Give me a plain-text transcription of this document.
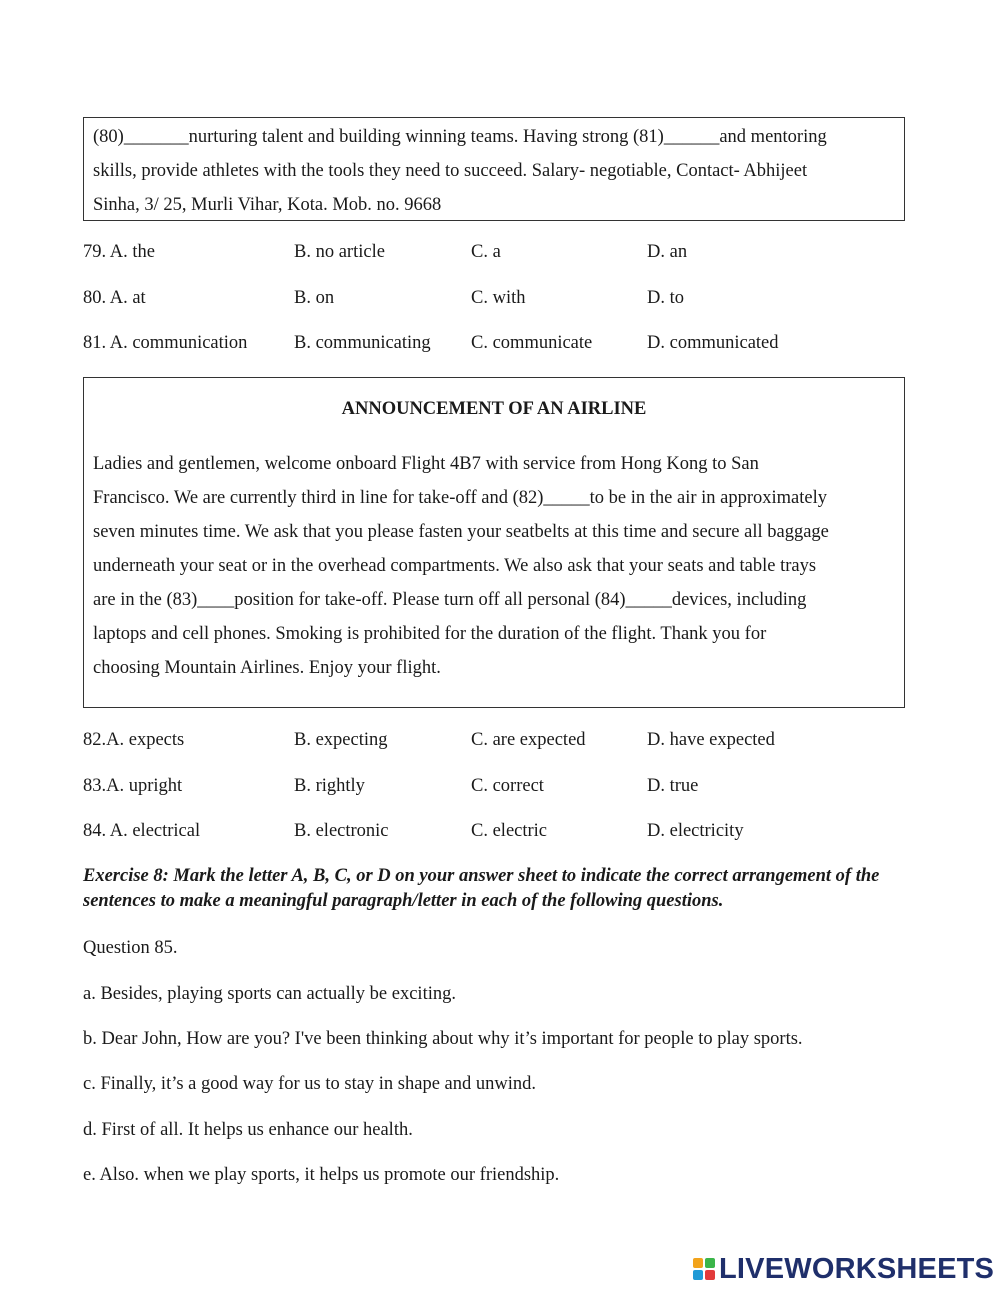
(80)_______nurturing talent and building winning teams. Having strong (81)______and mentoring
skills, provide athletes with the tools they need to succeed. Salary- negotiable, Contact- Abhijeet
Sinha, 3/ 25, Murli Vihar, Kota. Mob. no. 9668
79. A. the	B. no article	C. a	D. an
80. A. at	B. on	C. with	D. to
81. A. communication	B. communicating C. communicate	D. communicated
ANNOUNCEMENT OF AN AIRLINE
Ladies and gentlemen, welcome onboard Flight 4B7 with service from Hong Kong to San
Francisco. We are currently third in line for take-off and (82)_____to be in the air in approximately
seven minutes time. We ask that you please fasten your seatbelts at this time and secure all baggage
underneath your seat or in the overhead compartments. We also ask that your seats and table trays
are in the (83)____position for take-off. Please turn off all personal (84)_____devices, including
laptops and cell phones. Smoking is prohibited for the duration of the flight. Thank you for
choosing Mountain Airlines. Enjoy your flight.
82.A. expects	B. expecting	C. are expected	D. have expected
83.A. upright	B. rightly	C. correct	D. true
84. A. electrical	B. electronic	C. electric	D. electricity
Exercise 8: Mark the letter A, B, C, or D on your answer sheet to indicate the correct arrangement of the
sentences to make a meaningful paragraph/letter in each of the following questions.
Question 85.
a. Besides, playing sports can actually be exciting.
b. Dear John, How are you? I've been thinking about why it’s important for people to play sports.
c. Finally, it’s a good way for us to stay in shape and unwind.
d. First of all. It helps us enhance our health.
e. Also. when we play sports, it helps us promote our friendship.
LIVEWORKSHEETS
